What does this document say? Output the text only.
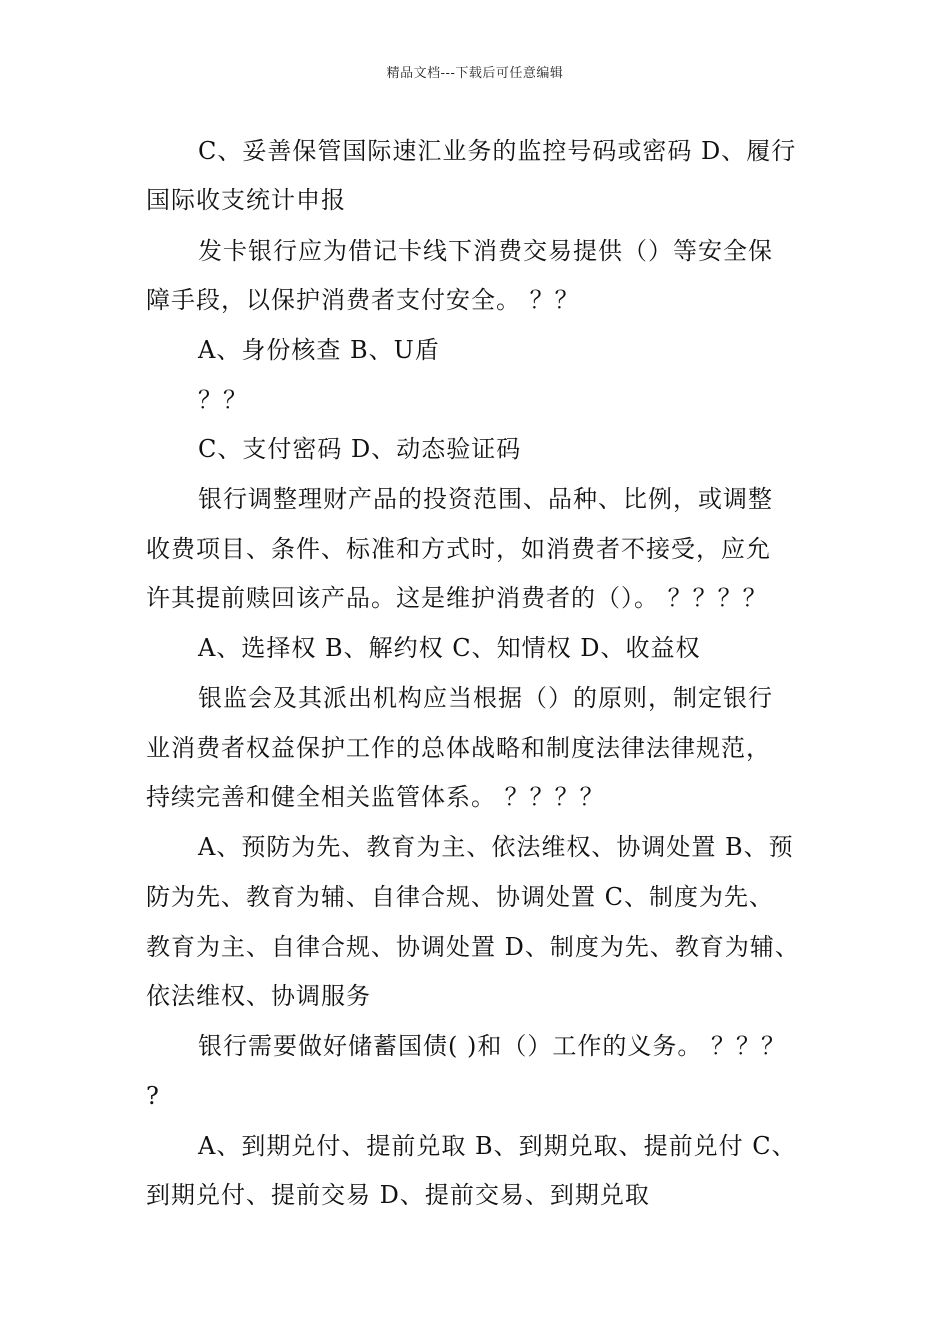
精品文档---下载后可任意编辑
C、妥善保管国际速汇业务的监控号码或密码 D、履行
国际收支统计申报
发卡银行应为借记卡线下消费交易提供（）等安全保
障手段，以保护消费者支付安全。 ？？
A、身份核查 B、U盾
？？
C、支付密码 D、动态验证码
银行调整理财产品的投资范围、品种、比例，或调整
收费项目、条件、标准和方式时，如消费者不接受，应允
许其提前赎回该产品。这是维护消费者的（）。 ？？？？
A、选择权 B、解约权 C、知情权 D、收益权
银监会及其派出机构应当根据（）的原则，制定银行
业消费者权益保护工作的总体战略和制度法律法律规范，
持续完善和健全相关监管体系。 ？？？？
A、预防为先、教育为主、依法维权、协调处置 B、预
防为先、教育为辅、自律合规、协调处置 C、制度为先、
教育为主、自律合规、协调处置 D、制度为先、教育为辅、
依法维权、协调服务
银行需要做好储蓄国债( )和（）工作的义务。 ？？？
?
A、到期兑付、提前兑取 B、到期兑取、提前兑付 C、
到期兑付、提前交易 D、提前交易、到期兑取
